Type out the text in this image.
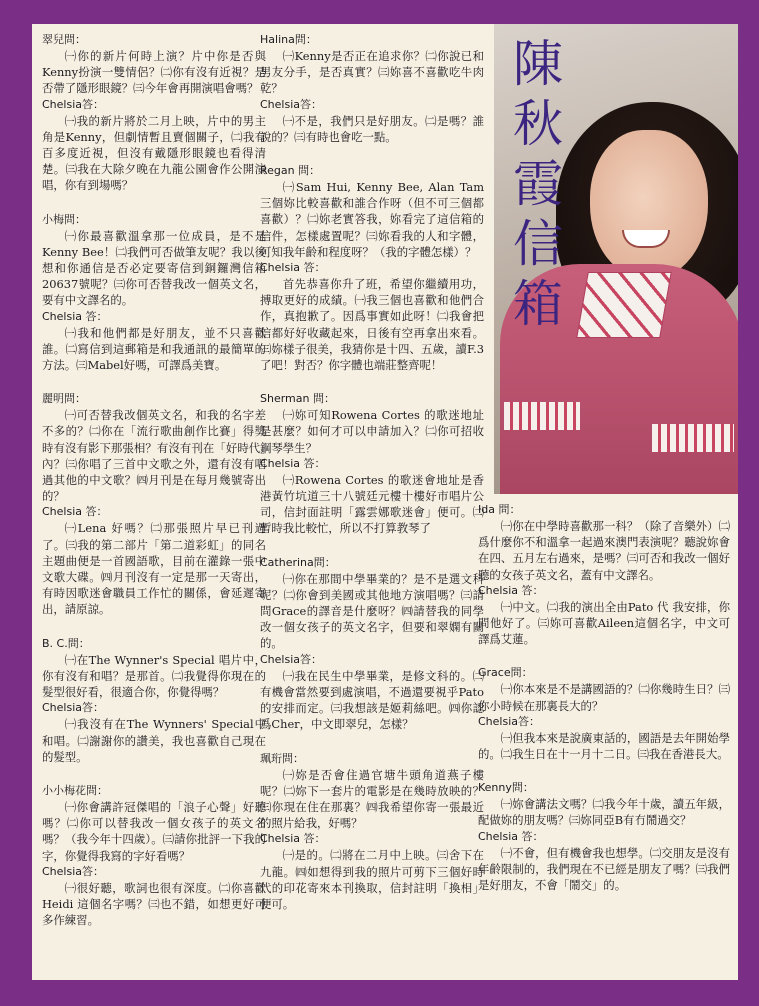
陳
秋
霞
信
箱
翠兒問：

㈠你的新片何時上演？片中你是否與Kenny扮演一雙情侶？㈡你有沒有近視？是否帶了隱形眼鏡？㈢今年會再開演唱會嗎？

Chelsia答：

㈠我的新片將於二月上映，片中的男主角是Kenny，但劇情暫且賣個關子，㈡我有百多度近視，但沒有戴隱形眼鏡也看得清楚。㈢我在大除夕晚在九龍公園會作公開演唱，你有到場嗎？

小梅問：

㈠你最喜歡溫拿那一位成員，是不是Kenny Bee！㈡我們可否做筆友呢？我以後想和你通信是否必定要寄信到銅鑼灣信箱20637號呢？㈢你可否替我改一個英文名，要有中文譯名的。

Chelsia 答：

㈠我和他們都是好朋友，並不只喜歡誰。㈡寫信到這郵箱是和我通訊的最簡單的方法。㈢Mabel好嗎，可譯爲美寶。

麗明問：

㈠可否替我改個英文名，和我的名字差不多的？㈡你在「流行歌曲創作比賽」得獎時有沒有影下那張相？有沒有刊在「好時代」內？㈢你唱了三首中文歌之外，還有沒有唱過其他的中文歌？㈣月刊是在每月幾號寄出的？

Chelsia 答：

㈠Lena 好嗎？㈡那張照片早已刊過了。㈢我的第二部片「第二道彩虹」的同名主題曲便是一首國語歌，目前在灌錄一張中文歌大碟。㈣月刊沒有一定是那一天寄出，有時因歌迷會職員工作忙的關係，會延遲寄出，請原諒。

B. C.問：

㈠在The Wynner's Special 唱片中，你有沒有和唱？是那首。㈡我覺得你現在的髮型很好看，很適合你，你覺得嗎？

Chelsia答：

㈠我沒有在The Wynners' Special中和唱。㈡謝謝你的讚美，我也喜歡自己現在的髮型。

小小梅花問：

㈠你會講許冠傑唱的「浪子心聲」好聽嗎？㈡你可以替我改一個女孩子的英文名嗎？（我今年十四歲）。㈢請你批評一下我的字，你覺得我寫的字好看嗎？

Chelsia答：

㈠很好聽，歌詞也很有深度。㈡你喜歡Heidi 這個名字嗎？㈢也不錯，如想更好可多作練習。

Halina問：

㈠Kenny是否正在追求你？㈡你說已和男友分手，是否真實？㈢妳喜不喜歡吃牛肉乾？

Chelsia答：

㈠不是，我們只是好朋友。㈡是嗎？誰說的？㈢有時也會吃一點。

Regan 問：

㈠Sam Hui, Kenny Bee, Alan Tam三個妳比較喜歡和誰合作呀（但不可三個都喜歡）？㈡妳老實答我，妳看完了這信箱的信件，怎樣處置呢？㈢妳看我的人和字體，可知我年齡和程度呀？（我的字體怎樣）？

Chelsia 答：

首先恭喜你升了班，希望你繼續用功，搏取更好的成績。㈠我三個也喜歡和他們合作，真抱歉了。因爲事實如此呀！㈡我會把信都好好收藏起來，日後有空再拿出來看。㈢妳樣子很美，我猜你是十四、五歲，讀F.3了吧！對否？你字體也端莊整齊呢！

Sherman 問：

㈠妳可知Rowena Cortes 的歌迷地址是甚麼？如何才可以申請加入？㈡你可招收鋼琴學生？

Chelsia 答：

㈠Rowena Cortes 的歌迷會地址是香港黃竹坑道三十八號廷元樓十樓好市唱片公司，信封面註明「露雲娜歌迷會」便可。㈡暫時我比較忙，所以不打算教琴了

Catherina問：

㈠你在那間中學畢業的？是不是選文科呢？㈡你會到美國或其他地方演唱嗎？㈢請問Grace的譯音是什麼呀？㈣請替我的同學改一個女孩子的英文名字，但要和翠嫻有關的。

Chelsia答：

㈠我在民生中學畢業，是修文科的。㈡有機會當然要到處演唱，不過還要視乎Pato的安排而定。㈢我想該是姬莉絲吧。㈣你認爲Cher，中文即翠兒，怎樣？

珮珩問：

㈠妳是否會住過官塘牛頭角道燕子樓呢？㈡妳下一套片的電影是在幾時放映的？㈢你現在住在那裏？㈣我希望你寄一張最近的照片給我，好嗎？

Chelsia 答：

㈠是的。㈡將在二月中上映。㈢舍下在九龍。㈣如想得到我的照片可剪下三個好時代的印花寄來本刊換取，信封註明「換相」便可。

Ida 問：

㈠你在中學時喜歡那一科？（除了音樂外）㈡爲什麼你不和溫拿一起過來澳門表演呢？聽說妳會在四、五月左右過來，是嗎？㈢可否和我改一個好聽的女孩子英文名，蓋有中文譯名。

Chelsia 答：

㈠中文。㈡我的演出全由Pato 代 我安排，你問他好了。㈢妳可喜歡Aileen這個名字，中文可譯爲艾蓮。

Grace問：

㈠你本來是不是講國語的？㈡你幾時生日？㈢你小時候在那裏長大的？

Chelsia答：

㈠但我本來是說廣東話的，國語是去年開始學的。㈡我生日在十一月十二日。㈢我在香港長大。

Kenny問：

㈠妳會講法文嗎？㈡我今年十歲，讀五年級，配做妳的朋友嗎？㈢妳同亞B有冇鬧過交？

Chelsia 答：

㈠不會，但有機會我也想學。㈡交朋友是沒有年齡限制的，我們現在不已經是朋友了嗎？㈢我們是好朋友，不會「鬧交」的。
